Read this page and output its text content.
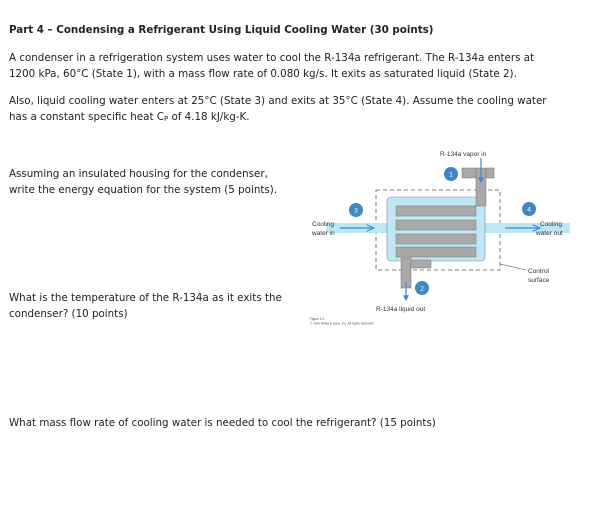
Part 4 – Condensing a Refrigerant Using Liquid Cooling Water (30 points)
A condenser in a refrigeration system uses water to cool the R-134a refrigerant. The R-134a enters at
1200 kPa, 60°C (State 1), with a mass flow rate of 0.080 kg/s. It exits as saturated liquid (State 2).
Also, liquid cooling water enters at 25°C (State 3) and exits at 35°C (State 4). Assume the cooling water
has a constant specific heat CP of 4.18 kJ/kg-K.
Assuming an insulated housing for the condenser,
write the energy equation for the system (5 points).
What is the temperature of the R-134a as it exits the
condenser? (10 points)
What mass flow rate of cooling water is needed to cool the refrigerant? (15 points)
R-134a vapor in
Cooling
water in
Cooling
water out
Control
surface
1
2
3	4
R-134a liquid out
Figure 6.1
© John Wiley & Sons, Inc. All rights reserved.
